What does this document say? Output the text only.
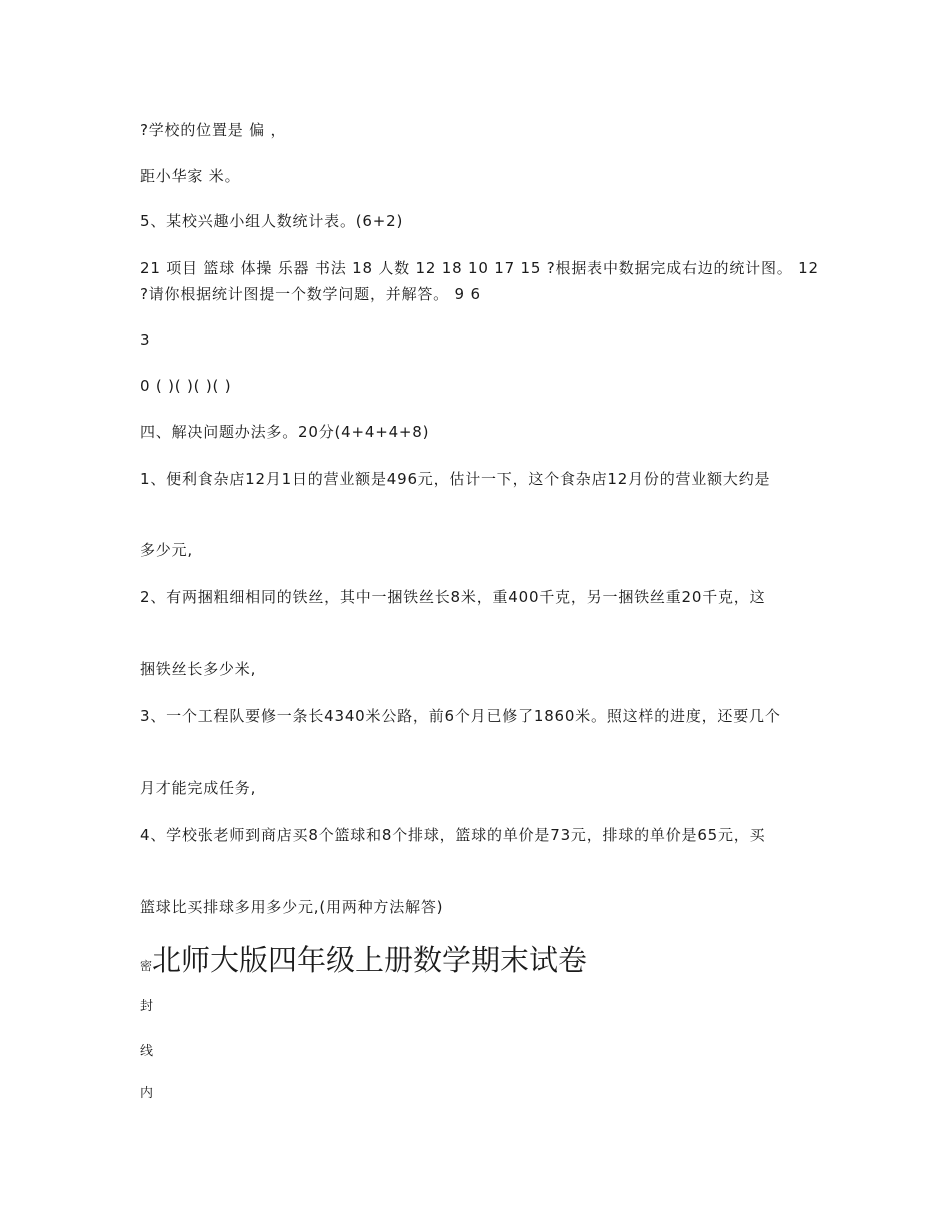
?学校的位置是 偏 ，
距小华家 米。
5、某校兴趣小组人数统计表。(6+2)
21 项目 篮球 体操 乐器 书法 18 人数 12 18 10 17 15 ?根据表中数据完成右边的统计图。 12 ?请你根据统计图提一个数学问题，并解答。 9 6
3
0 ( )( )( )( )
四、解决问题办法多。20分(4+4+4+8)
1、便利食杂店12月1日的营业额是496元，估计一下，这个食杂店12月份的营业额大约是
多少元,
2、有两捆粗细相同的铁丝，其中一捆铁丝长8米，重400千克，另一捆铁丝重20千克，这
捆铁丝长多少米,
3、一个工程队要修一条长4340米公路，前6个月已修了1860米。照这样的进度，还要几个
月才能完成任务,
4、学校张老师到商店买8个篮球和8个排球，篮球的单价是73元，排球的单价是65元，买
篮球比买排球多用多少元,(用两种方法解答)
密北师大版四年级上册数学期末试卷
封
线
内
